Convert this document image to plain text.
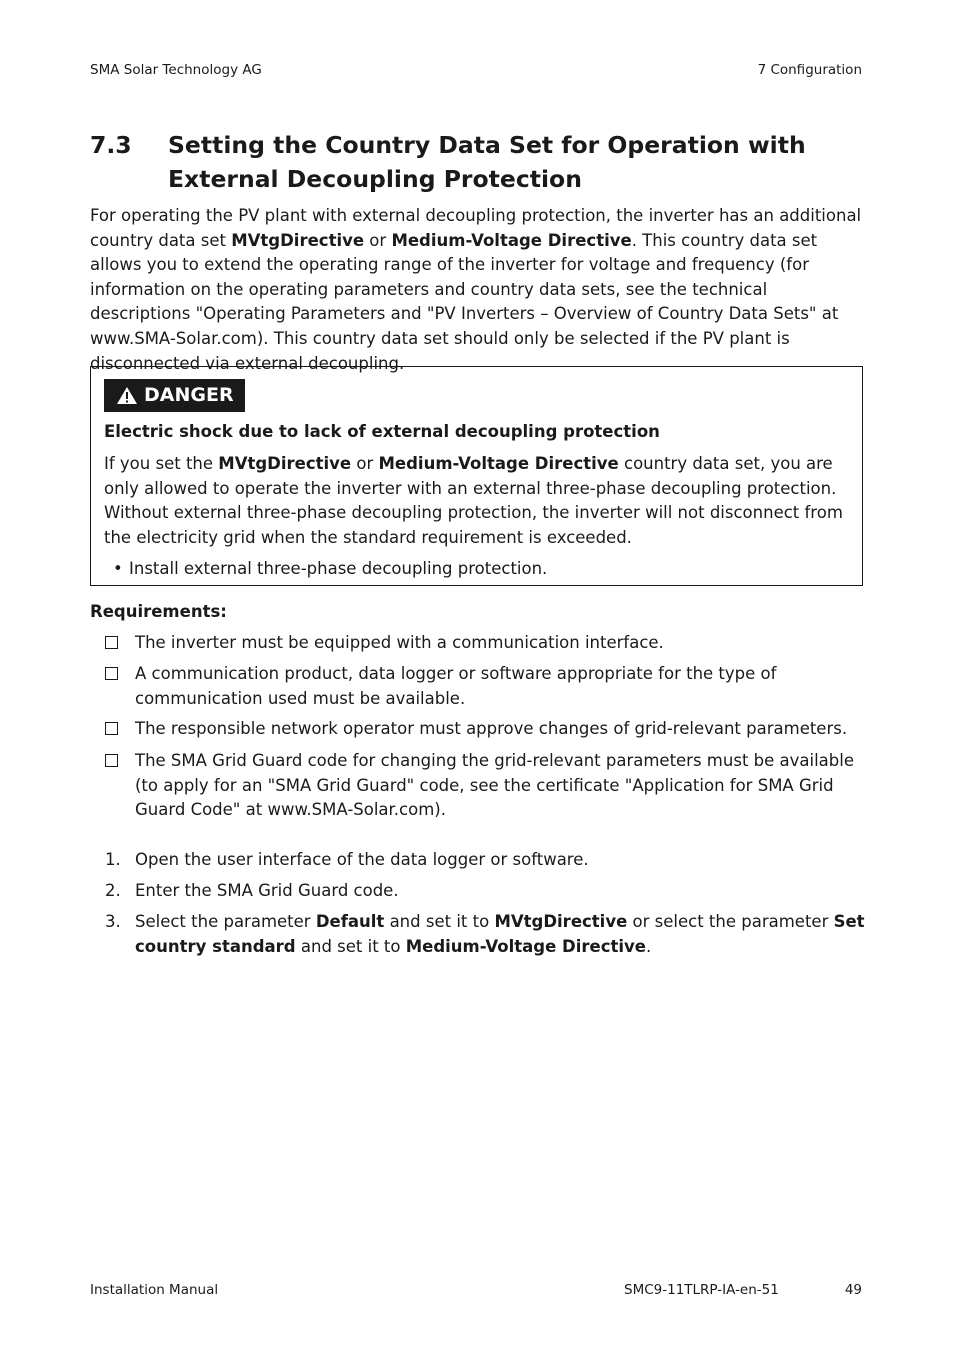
SMA Solar Technology AG	7 Configuration
7.3 Setting the Country Data Set for Operation with External Decoupling Protection
For operating the PV plant with external decoupling protection, the inverter has an additional country data set MVtgDirective or Medium-Voltage Directive. This country data set allows you to extend the operating range of the inverter for voltage and frequency (for information on the operating parameters and country data sets, see the technical descriptions "Operating Parameters and "PV Inverters – Overview of Country Data Sets" at www.SMA-Solar.com). This country data set should only be selected if the PV plant is disconnected via external decoupling.
DANGER
Electric shock due to lack of external decoupling protection
If you set the MVtgDirective or Medium-Voltage Directive country data set, you are only allowed to operate the inverter with an external three-phase decoupling protection. Without external three-phase decoupling protection, the inverter will not disconnect from the electricity grid when the standard requirement is exceeded.
• Install external three-phase decoupling protection.
Requirements:
The inverter must be equipped with a communication interface.
A communication product, data logger or software appropriate for the type of communication used must be available.
The responsible network operator must approve changes of grid-relevant parameters.
The SMA Grid Guard code for changing the grid-relevant parameters must be available (to apply for an "SMA Grid Guard" code, see the certificate "Application for SMA Grid Guard Code" at www.SMA-Solar.com).
1. Open the user interface of the data logger or software.
2. Enter the SMA Grid Guard code.
3. Select the parameter Default and set it to MVtgDirective or select the parameter Set country standard and set it to Medium-Voltage Directive.
Installation Manual	SMC9-11TLRP-IA-en-51	49
